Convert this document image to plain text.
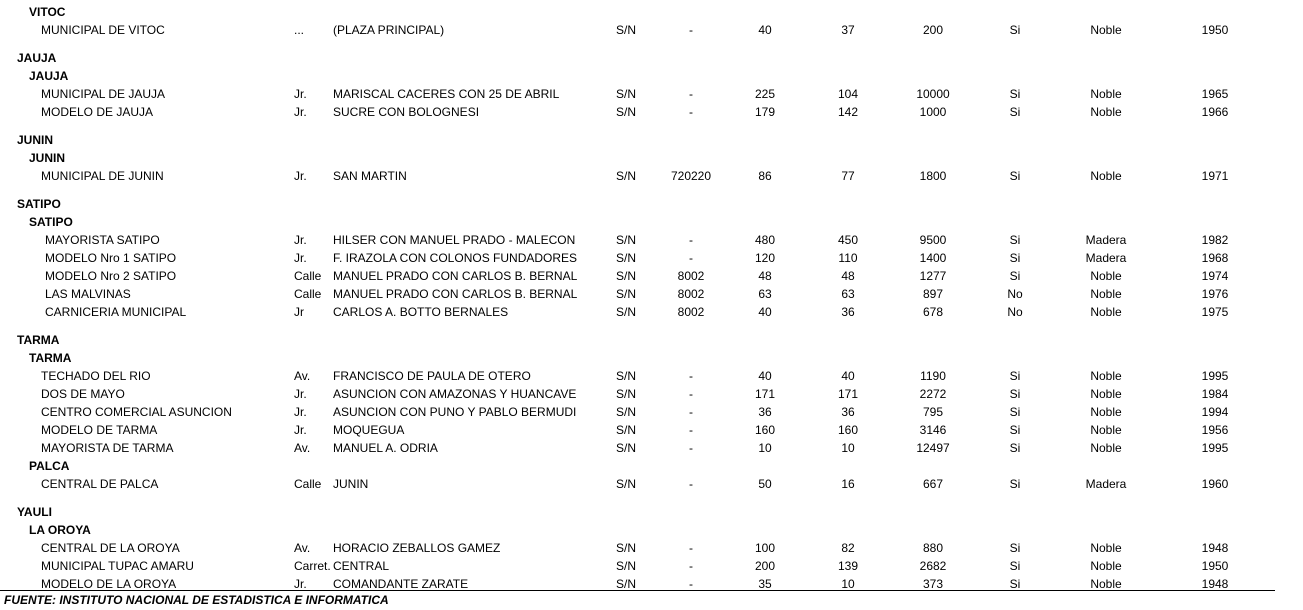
VITOC
MUNICIPAL DE VITOC	...	(PLAZA PRINCIPAL)	S/N	-	40	37	200	Si	Noble	1950
JAUJA
JAUJA
MUNICIPAL DE JAUJA	Jr.	MARISCAL CACERES CON 25 DE ABRIL	S/N	-	225	104	10000	Si	Noble	1965
MODELO DE JAUJA	Jr.	SUCRE CON BOLOGNESI	S/N	-	179	142	1000	Si	Noble	1966
JUNIN
JUNIN
MUNICIPAL DE JUNIN	Jr.	SAN MARTIN	S/N	720220	86	77	1800	Si	Noble	1971
SATIPO
SATIPO
MAYORISTA SATIPO	Jr.	HILSER CON MANUEL PRADO - MALECON	S/N	-	480	450	9500	Si	Madera	1982
MODELO Nro 1 SATIPO	Jr.	F. IRAZOLA CON COLONOS FUNDADORES	S/N	-	120	110	1400	Si	Madera	1968
MODELO Nro 2 SATIPO	Calle MANUEL PRADO CON CARLOS B. BERNAL	S/N	8002	48	48	1277	Si	Noble	1974
LAS MALVINAS	Calle MANUEL PRADO CON CARLOS B. BERNAL	S/N	8002	63	63	897	No	Noble	1976
CARNICERIA MUNICIPAL	Jr	CARLOS A. BOTTO BERNALES	S/N	8002	40	36	678	No	Noble	1975
TARMA
TARMA
TECHADO DEL RIO	Av.	FRANCISCO DE PAULA DE OTERO	S/N	-	40	40	1190	Si	Noble	1995
DOS DE MAYO	Jr.	ASUNCION CON AMAZONAS Y HUANCAVE	S/N	-	171	171	2272	Si	Noble	1984
CENTRO COMERCIAL ASUNCION	Jr.	ASUNCION CON PUNO Y PABLO BERMUDI	S/N	-	36	36	795	Si	Noble	1994
MODELO DE TARMA	Jr.	MOQUEGUA	S/N	-	160	160	3146	Si	Noble	1956
MAYORISTA DE TARMA	Av.	MANUEL A. ODRIA	S/N	-	10	10	12497	Si	Noble	1995
PALCA
CENTRAL DE PALCA	Calle JUNIN	S/N	-	50	16	667	Si	Madera	1960
YAULI
LA OROYA
CENTRAL DE LA OROYA	Av.	HORACIO ZEBALLOS GAMEZ	S/N	-	100	82	880	Si	Noble	1948
MUNICIPAL TUPAC AMARU	Carret. CENTRAL	S/N	-	200	139	2682	Si	Noble	1950
MODELO DE LA OROYA	Jr.	COMANDANTE ZARATE	S/N	-	35	10	373	Si	Noble	1948
FUENTE: INSTITUTO NACIONAL DE ESTADISTICA E INFORMATICA
